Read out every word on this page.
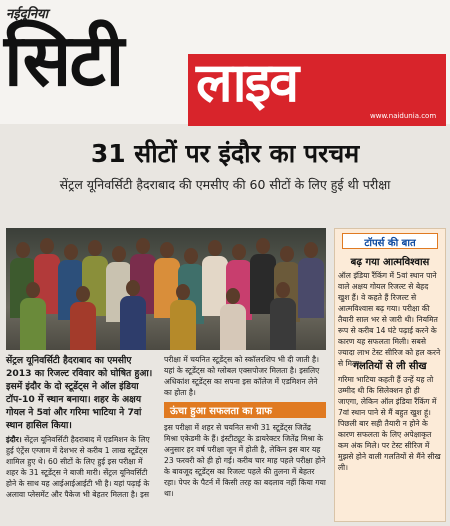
नईदुनिया
सिटी लाइव
www.naidunia.com
31 सीटों पर इंदौर का परचम
सेंट्रल यूनिवर्सिटी हैदराबाद की एमसीए की 60 सीटों के लिए हुई थी परीक्षा
सेंट्रल यूनिवर्सिटी हैदराबाद का एमसीए 2013 का रिजल्ट रविवार को घोषित हुआ। इसमें इंदौर के दो स्टूडेंट्स ने ऑल इंडिया टॉप-10 में स्थान बनाया। शहर के अक्षय गोयल ने 5वां और गरिमा भाटिया ने 7वां स्थान हासिल किया।
इंदौर। सेंट्रल यूनिवर्सिटी हैदराबाद में एडमिशन के लिए हुई एंट्रेंस एग्जाम में देशभर से करीब 1 लाख स्टूडेंट्स शामिल हुए थे। 60 सीटों के लिए हुई इस परीक्षा में शहर के 31 स्टूडेंट्स ने बाजी मारी। सेंट्रल यूनिवर्सिटी होने के साथ यह आईआईआईटी भी है। यहां पढ़ाई के अलावा प्लेसमेंट और पैकेज भी बेहतर मिलता है। इस
परीक्षा में चयनित स्टूडेंट्स को स्कॉलरशिप भी दी जाती है। यहां के स्टूडेंट्स को ग्लोबल एक्सपोजर मिलता है। इसलिए अधिकांश स्टूडेंट्स का सपना इस कॉलेज में एडमिशन लेने का होता है।
ऊंचा हुआ सफलता का ग्राफ
इस परीक्षा में शहर से चयनित सभी 31 स्टूडेंट्स जितेंद्र मिश्रा एकेडमी के हैं। इंस्टीट्यूट के डायरेक्टर जितेंद्र मिश्रा के अनुसार हर वर्ष परीक्षा जून में होती है, लेकिन इस बार यह 23 फरवरी को ही हो गई। करीब चार माह पहले परीक्षा होने के बावजूद स्टूडेंट्स का रिजल्ट पहले की तुलना में बेहतर रहा। पेपर के पैटर्न में किसी तरह का बदलाव नहीं किया गया था।
टॉपर्स की बात
बढ़ गया आत्मविश्वास
ऑल इंडिया रैंकिंग में 5वां स्थान पाने वाले अक्षय गोयल रिजल्ट से बेहद खुश हैं। वे कहते हैं रिजल्ट से आत्मविश्वास बढ़ गया। परीक्षा की तैयारी साल भर से जारी थी। नियमित रूप से करीब 14 घंटे पढ़ाई करने के कारण यह सफलता मिली। सबसे ज्यादा लाभ टेस्ट सीरिज को हल करने से मिला।
गलतियों से ली सीख
गरिमा भाटिया कहती हैं उन्हें यह तो उम्मीद थी कि सिलेक्शन हो ही जाएगा, लेकिन ऑल इंडिया रैंकिंग में 7वां स्थान पाने से मैं बहुत खुश हूं। पिछली बार सही तैयारी न होने के कारण सफलता के लिए अपेक्षाकृत कम अंक मिले। पर टेस्ट सीरिज में मुझसे होने वाली गलतियों से मैंने सीख ली।
